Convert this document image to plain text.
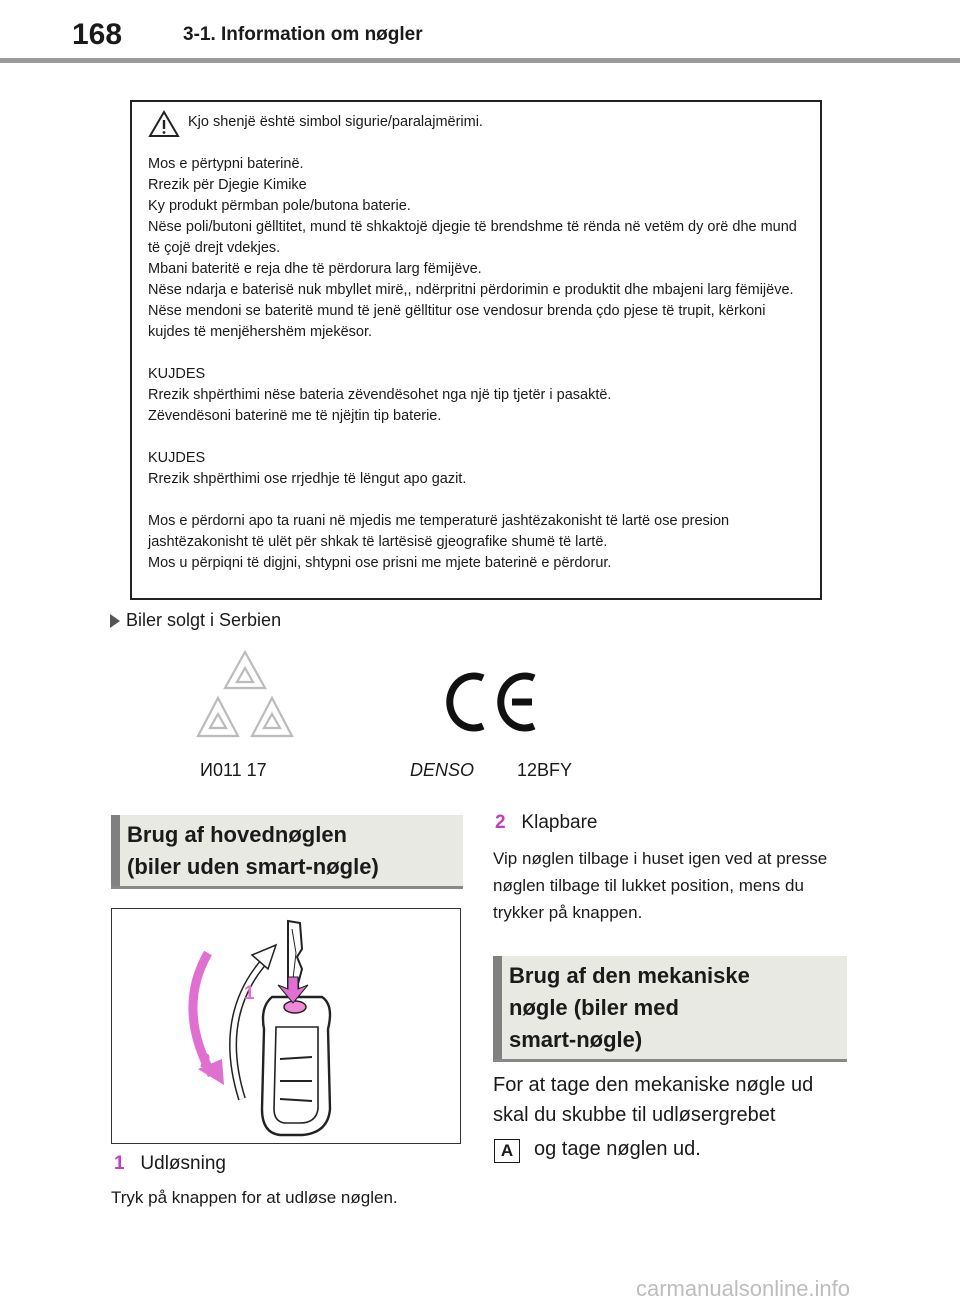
168	3-1. Information om nøgler

Kjo shenjë është simbol sigurie/paralajmërimi.

Mos e përtypni baterinë.

Rrezik për Djegie Kimike

Ky produkt përmban pole/butona baterie.

Nëse poli/butoni gëlltitet, mund të shkaktojë djegie të brendshme të rënda në vetëm dy orë dhe mund të çojë drejt vdekjes.

Mbani bateritë e reja dhe të përdorura larg fëmijëve.

Nëse ndarja e baterisë nuk mbyllet mirë,, ndërpritni përdorimin e produktit dhe mbajeni larg fëmijëve.

Nëse mendoni se bateritë mund të jenë gëlltitur ose vendosur brenda çdo pjese të trupit, kërkoni kujdes të menjëhershëm mjekësor.

KUJDES

Rrezik shpërthimi nëse bateria zëvendësohet nga një tip tjetër i pasaktë.

Zëvendësoni baterinë me të njëjtin tip baterie.

KUJDES

Rrezik shpërthimi ose rrjedhje të lëngut apo gazit.

Mos e përdorni apo ta ruani në mjedis me temperaturë jashtëzakonisht të lartë ose presion jashtëzakonisht të ulët për shkak të lartësisë gjeografike shumë të lartë.

Mos u përpiqni të digjni, shtypni ose prisni me mjete baterinë e përdorur.

Biler solgt i Serbien
И011 17	DENSO 12BFY
Brug af hovednøglen
(biler uden smart-nøgle)
1
2
1 Udløsning
Tryk på knappen for at udløse nøglen.
2 Klapbare
Vip nøglen tilbage i huset igen ved at presse nøglen tilbage til lukket position, mens du trykker på knappen.
Brug af den mekaniske
nøgle (biler med
smart-nøgle)
For at tage den mekaniske nøgle ud skal du skubbe til udløsergrebet
A	og tage nøglen ud.
carmanualsonline.info
